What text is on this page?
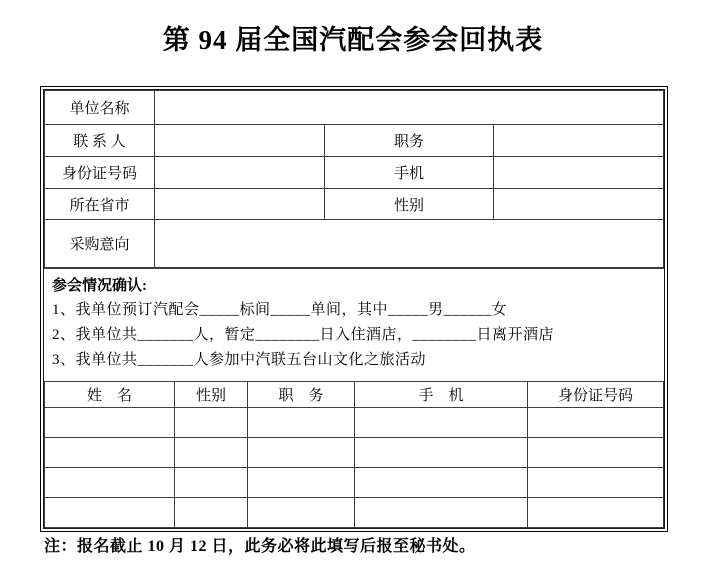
第 94 届全国汽配会参会回执表
单位名称			
联 系 人		职务	
身份证号码		手机	
所在省市		性别	
采购意向			
参会情况确认:
1、我单位预订汽配会_____标间_____单间，其中_____男______女
2、我单位共_______人，暂定________日入住酒店，________日离开酒店
3、我单位共_______人参加中汽联五台山文化之旅活动
姓　名	性别	职　务	手　机	身份证号码

注：报名截止 10 月 12 日，此务必将此填写后报至秘书处。
